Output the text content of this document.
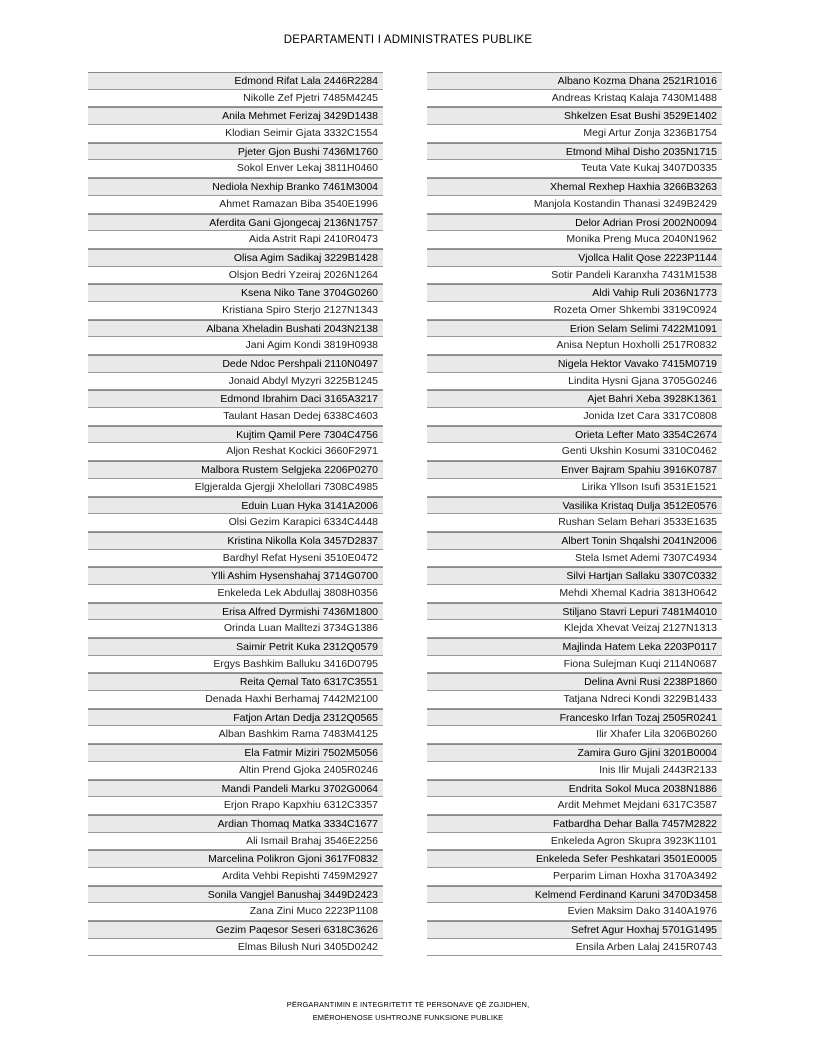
DEPARTAMENTI I ADMINISTRATES PUBLIKE
Edmond Rifat Lala 2446R2284
Nikolle Zef Pjetri 7485M4245
Anila Mehmet Ferizaj 3429D1438
Klodian Seimir Gjata 3332C1554
Pjeter Gjon Bushi 7436M1760
Sokol Enver Lekaj 3811H0460
Nediola Nexhip Branko 7461M3004
Ahmet Ramazan Biba 3540E1996
Aferdita Gani Gjongecaj 2136N1757
Aida Astrit Rapi 2410R0473
Olisa Agim Sadikaj 3229B1428
Olsjon Bedri Yzeiraj 2026N1264
Ksena Niko Tane 3704G0260
Kristiana Spiro Sterjo 2127N1343
Albana Xheladin Bushati 2043N2138
Jani Agim Kondi 3819H0938
Dede Ndoc Pershpali 2110N0497
Jonaid Abdyl Myzyri 3225B1245
Edmond Ibrahim Daci 3165A3217
Taulant Hasan Dedej 6338C4603
Kujtim Qamil Pere 7304C4756
Aljon Reshat Kockici 3660F2971
Malbora Rustem Selgjeka 2206P0270
Elgjeralda Gjergji Xhelollari 7308C4985
Eduin Luan Hyka 3141A2006
Olsi Gezim Karapici 6334C4448
Kristina Nikolla Kola 3457D2837
Bardhyl Refat Hyseni 3510E0472
Ylli Ashim Hysenshahaj 3714G0700
Enkeleda Lek Abdullaj 3808H0356
Erisa Alfred Dyrmishi 7436M1800
Orinda Luan Malltezi 3734G1386
Saimir Petrit Kuka 2312Q0579
Ergys Bashkim Balluku 3416D0795
Reita Qemal Tato 6317C3551
Denada Haxhi Berhamaj 7442M2100
Fatjon Artan Dedja 2312Q0565
Alban Bashkim Rama 7483M4125
Ela Fatmir Miziri 7502M5056
Altin Prend Gjoka 2405R0246
Mandi Pandeli Marku 3702G0064
Erjon Rrapo Kapxhiu 6312C3357
Ardian Thomaq Matka 3334C1677
Ali Ismail Brahaj 3546E2256
Marcelina Polikron Gjoni 3617F0832
Ardita Vehbi Repishti 7459M2927
Sonila Vangjel Banushaj 3449D2423
Zana Zini Muco 2223P1108
Gezim Paqesor Seseri 6318C3626
Elmas Bilush Nuri 3405D0242
Albano Kozma Dhana 2521R1016
Andreas Kristaq Kalaja 7430M1488
Shkelzen Esat Bushi 3529E1402
Megi Artur Zonja 3236B1754
Etmond Mihal Disho 2035N1715
Teuta Vate Kukaj 3407D0335
Xhemal Rexhep Haxhia 3266B3263
Manjola Kostandin Thanasi 3249B2429
Delor Adrian Prosi 2002N0094
Monika Preng Muca 2040N1962
Vjollca Halit Qose 2223P1144
Sotir Pandeli Karanxha 7431M1538
Aldi Vahip Ruli 2036N1773
Rozeta Omer Shkembi 3319C0924
Erion Selam Selimi 7422M1091
Anisa Neptun Hoxholli 2517R0832
Nigela Hektor Vavako 7415M0719
Lindita Hysni Gjana 3705G0246
Ajet Bahri Xeba 3928K1361
Jonida Izet Cara 3317C0808
Orieta Lefter Mato 3354C2674
Genti Ukshin Kosumi 3310C0462
Enver Bajram Spahiu 3916K0787
Lirika Yllson Isufi 3531E1521
Vasilika Kristaq Dulja 3512E0576
Rushan Selam Behari 3533E1635
Albert Tonin Shqalshi 2041N2006
Stela Ismet Ademi 7307C4934
Silvi Hartjan Sallaku 3307C0332
Mehdi Xhemal Kadria 3813H0642
Stiljano Stavri Lepuri 7481M4010
Klejda Xhevat Veizaj 2127N1313
Majlinda Hatem Leka 2203P0117
Fiona Sulejman Kuqi 2114N0687
Delina Avni Rusi 2238P1860
Tatjana Ndreci Kondi 3229B1433
Francesko Irfan Tozaj 2505R0241
Ilir Xhafer Lila 3206B0260
Zamira Guro Gjini 3201B0004
Inis Ilir Mujali 2443R2133
Endrita Sokol Muca 2038N1886
Ardit Mehmet Mejdani 6317C3587
Fatbardha Dehar Balla 7457M2822
Enkeleda Agron Skupra 3923K1101
Enkeleda Sefer Peshkatari 3501E0005
Perparim Liman Hoxha 3170A3492
Kelmend Ferdinand Karuni 3470D3458
Evien Maksim Dako 3140A1976
Sefret Agur Hoxhaj 5701G1495
Ensila Arben Lalaj 2415R0743
PËRGARANTIMIN E INTEGRITETIT TË PERSONAVE QË ZGJIDHEN,
EMËROHENOSE USHTROJNË FUNKSIONE PUBLIKE
